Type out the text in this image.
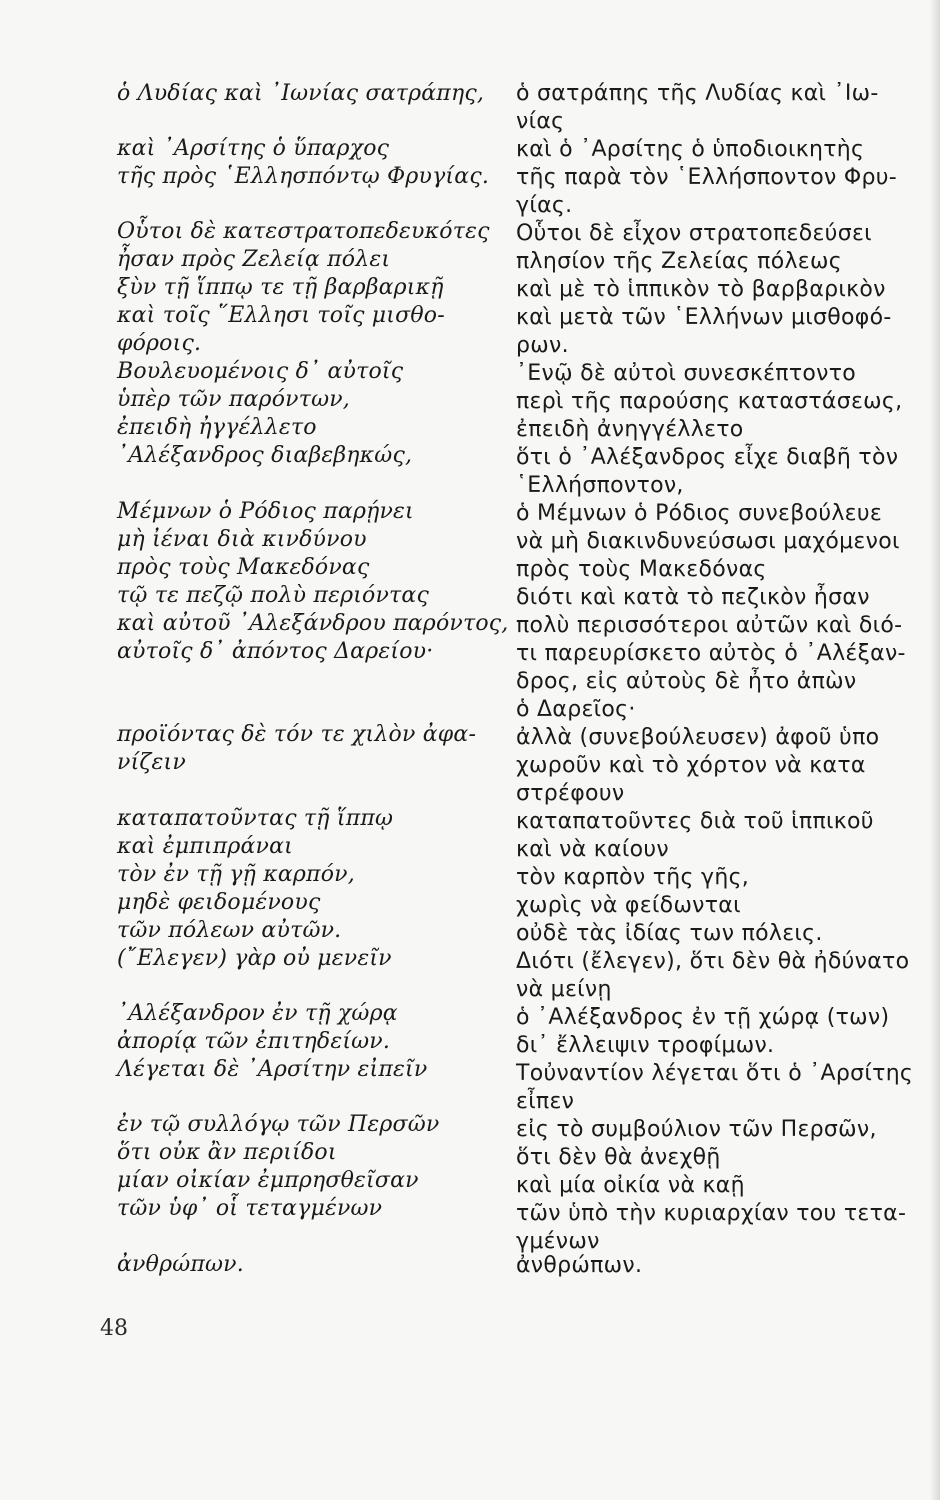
ὁ Λυδίας καὶ ᾽Ιωνίας σατράπης,
καὶ ᾽Αρσίτης ὁ ὕπαρχος
τῆς πρὸς ῾Ελλησπόντῳ Φρυγίας.
Οὗτοι δὲ κατεστρατοπεδευκότες
ἦσαν πρὸς Ζελείᾳ πόλει
ξὺν τῇ ἵππῳ τε τῇ βαρβαρικῇ
καὶ τοῖς ῞Ελλησι τοῖς μισθο-
φόροις.
Βουλευομένοις δ᾽ αὐτοῖς
ὑπὲρ τῶν παρόντων,
ἐπειδὴ ἠγγέλλετο
᾽Αλέξανδρος διαβεβηκώς,
Μέμνων ὁ Ρόδιος παρῄνει
μὴ ἰέναι διὰ κινδύνου
πρὸς τοὺς Μακεδόνας
τῷ τε πεζῷ πολὺ περιόντας
καὶ αὐτοῦ ᾽Αλεξάνδρου παρόντος,
αὐτοῖς δ᾽ ἀπόντος Δαρείου·
προϊόντας δὲ τόν τε χιλὸν ἀφα-
νίζειν
καταπατοῦντας τῇ ἵππῳ
καὶ ἐμπιπράναι
τὸν ἐν τῇ γῇ καρπόν,
μηδὲ φειδομένους
τῶν πόλεων αὐτῶν.
(῎Ελεγεν) γὰρ οὐ μενεῖν
᾽Αλέξανδρον ἐν τῇ χώρᾳ
ἀπορίᾳ τῶν ἐπιτηδείων.
Λέγεται δὲ ᾽Αρσίτην εἰπεῖν
ἐν τῷ συλλόγῳ τῶν Περσῶν
ὅτι οὐκ ἂν περιίδοι
μίαν οἰκίαν ἐμπρησθεῖσαν
τῶν ὑφ᾽ οἷ τεταγμένων
ἀνθρώπων.
ὁ σατράπης τῆς Λυδίας καὶ ᾽Ιω-
νίας
καὶ ὁ ᾽Αρσίτης ὁ ὑποδιοικητὴς
τῆς παρὰ τὸν ῾Ελλήσποντον Φρυ-
γίας.
Οὗτοι δὲ εἶχον στρατοπεδεύσει
πλησίον τῆς Ζελείας πόλεως
καὶ μὲ τὸ ἱππικὸν τὸ βαρβαρικὸν
καὶ μετὰ τῶν ῾Ελλήνων μισθοφό-
ρων.
᾽Ενῷ δὲ αὐτοὶ συνεσκέπτοντο
περὶ τῆς παρούσης καταστάσεως,
ἐπειδὴ ἀνηγγέλλετο
ὅτι ὁ ᾽Αλέξανδρος εἶχε διαβῆ τὸν
῾Ελλήσποντον,
ὁ Μέμνων ὁ Ρόδιος συνεβούλευε
νὰ μὴ διακινδυνεύσωσι μαχόμενοι
πρὸς τοὺς Μακεδόνας
διότι καὶ κατὰ τὸ πεζικὸν ἦσαν
πολὺ περισσότεροι αὐτῶν καὶ διό-
τι παρευρίσκετο αὐτὸς ὁ ᾽Αλέξαν-
δρος, εἰς αὐτοὺς δὲ ἦτο ἀπὼν
ὁ Δαρεῖος·
ἀλλὰ (συνεβούλευσεν) ἀφοῦ ὑπο
χωροῦν καὶ τὸ χόρτον νὰ κατα
στρέφουν
καταπατοῦντες διὰ τοῦ ἱππικοῦ
καὶ νὰ καίουν
τὸν καρπὸν τῆς γῆς,
χωρὶς νὰ φείδωνται
οὐδὲ τὰς ἰδίας των πόλεις.
Διότι (ἔλεγεν), ὅτι δὲν θὰ ἠδύνατο
νὰ μείνῃ
ὁ ᾽Αλέξανδρος ἐν τῇ χώρᾳ (των)
δι᾽ ἔλλειψιν τροφίμων.
Τοὐναντίον λέγεται ὅτι ὁ ᾽Αρσίτης
εἶπεν
εἰς τὸ συμβούλιον τῶν Περσῶν,
ὅτι δὲν θὰ ἀνεχθῇ
καὶ μία οἰκία νὰ καῇ
τῶν ὑπὸ τὴν κυριαρχίαν του τετα-
γμένων
ἀνθρώπων.
48
